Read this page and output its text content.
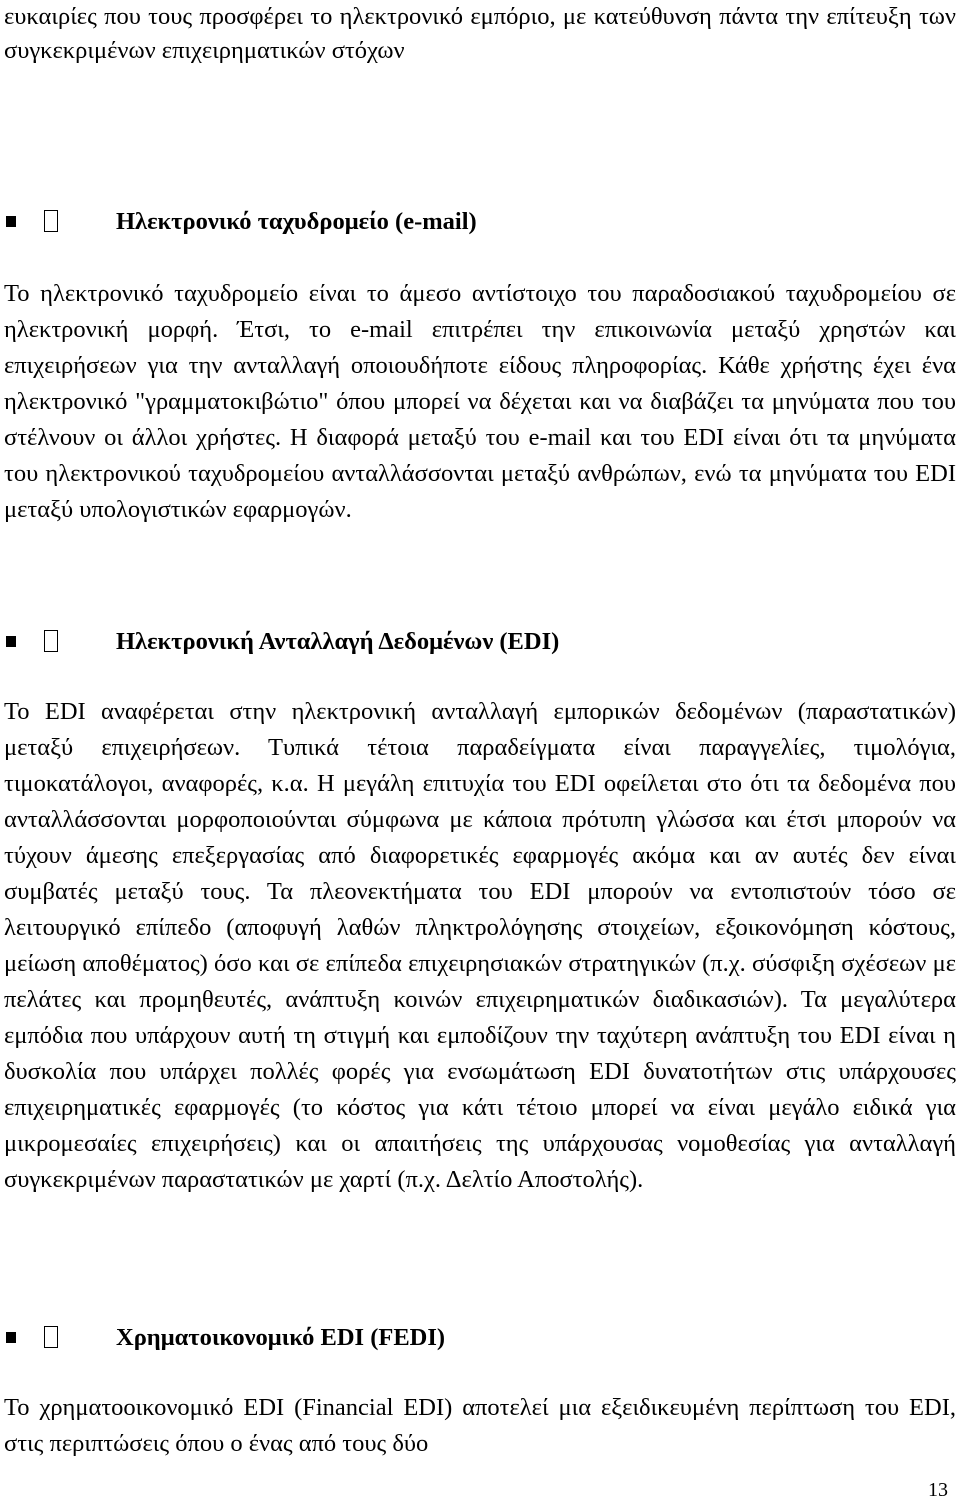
ευκαιρίες που τους προσφέρει το ηλεκτρονικό εμπόριο, με κατεύθυνση πάντα την επίτευξη των συγκεκριμένων επιχειρηματικών στόχων

Ηλεκτρονικό ταχυδρομείο (e-mail)

Το ηλεκτρονικό ταχυδρομείο είναι το άμεσο αντίστοιχο του παραδοσιακού ταχυδρομείου σε ηλεκτρονική μορφή. Έτσι, το e-mail επιτρέπει την επικοινωνία μεταξύ χρηστών και επιχειρήσεων για την ανταλλαγή οποιουδήποτε είδους πληροφορίας. Κάθε χρήστης έχει ένα ηλεκτρονικό "γραμματοκιβώτιο" όπου μπορεί να δέχεται και να διαβάζει τα μηνύματα που του στέλνουν οι άλλοι χρήστες. Η διαφορά μεταξύ του e-mail και του EDI είναι ότι τα μηνύματα του ηλεκτρονικού ταχυδρομείου ανταλλάσσονται μεταξύ ανθρώπων, ενώ τα μηνύματα του EDI μεταξύ υπολογιστικών εφαρμογών.

Ηλεκτρονική Ανταλλαγή Δεδομένων (EDI)

Το EDI αναφέρεται στην ηλεκτρονική ανταλλαγή εμπορικών δεδομένων (παραστατικών) μεταξύ επιχειρήσεων. Τυπικά τέτοια παραδείγματα είναι παραγγελίες, τιμολόγια, τιμοκατάλογοι, αναφορές, κ.α. Η μεγάλη επιτυχία του EDI οφείλεται στο ότι τα δεδομένα που ανταλλάσσονται μορφοποιούνται σύμφωνα με κάποια πρότυπη γλώσσα και έτσι μπορούν να τύχουν άμεσης επεξεργασίας από διαφορετικές εφαρμογές ακόμα και αν αυτές δεν είναι συμβατές μεταξύ τους. Τα πλεονεκτήματα του EDI μπορούν να εντοπιστούν τόσο σε λειτουργικό επίπεδο (αποφυγή λαθών πληκτρολόγησης στοιχείων, εξοικονόμηση κόστους, μείωση αποθέματος) όσο και σε επίπεδα επιχειρησιακών στρατηγικών (π.χ. σύσφιξη σχέσεων με πελάτες και προμηθευτές, ανάπτυξη κοινών επιχειρηματικών διαδικασιών). Τα μεγαλύτερα εμπόδια που υπάρχουν αυτή τη στιγμή και εμποδίζουν την ταχύτερη ανάπτυξη του EDI είναι η δυσκολία που υπάρχει πολλές φορές για ενσωμάτωση EDI δυνατοτήτων στις υπάρχουσες επιχειρηματικές εφαρμογές (το κόστος για κάτι τέτοιο μπορεί να είναι μεγάλο ειδικά για μικρομεσαίες επιχειρήσεις) και οι απαιτήσεις της υπάρχουσας νομοθεσίας για ανταλλαγή συγκεκριμένων παραστατικών με χαρτί (π.χ. Δελτίο Αποστολής).

Χρηματοικονομικό EDI (FEDI)

Το χρηματοοικονομικό EDI (Financial EDI) αποτελεί μια εξειδικευμένη περίπτωση του EDI, στις περιπτώσεις όπου ο ένας από τους δύο

13
